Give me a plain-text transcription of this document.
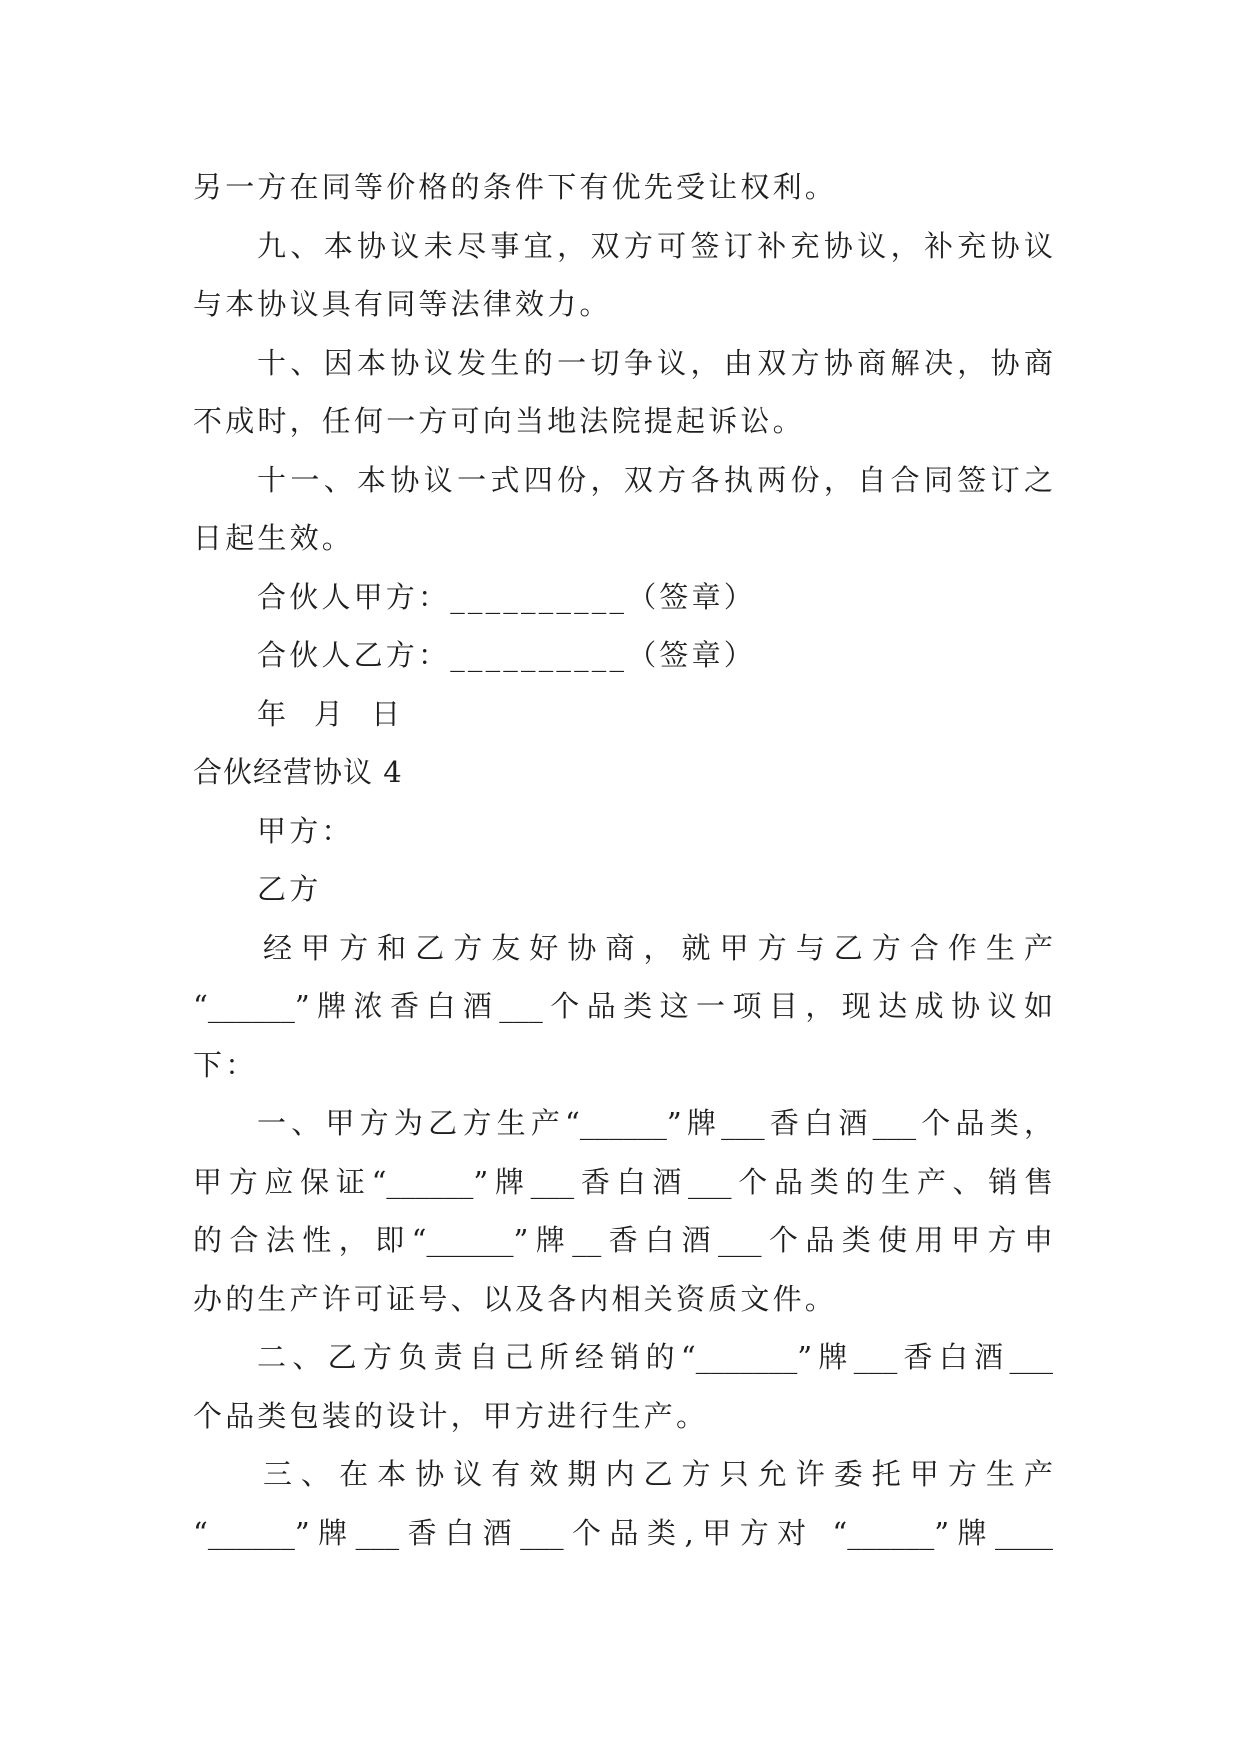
另一方在同等价格的条件下有优先受让权利。
九、本协议未尽事宜，双方可签订补充协议，补充协议
与本协议具有同等法律效力。
十、因本协议发生的一切争议，由双方协商解决，协商
不成时，任何一方可向当地法院提起诉讼。
十一、本协议一式四份，双方各执两份，自合同签订之
日起生效。
合伙人甲方：__________（签章）
合伙人乙方：__________（签章）
年  月  日
合伙经营协议 4
甲方：
乙方
经甲方和乙方友好协商，就甲方与乙方合作生产
“______”牌浓香白酒___个品类这一项目，现达成协议如
下：
一、甲方为乙方生产“______”牌___香白酒___个品类，
甲方应保证“______”牌___香白酒___个品类的生产、销售
的合法性，即“______”牌__香白酒___个品类使用甲方申
办的生产许可证号、以及各内相关资质文件。
二、乙方负责自己所经销的“_______”牌___香白酒___
个品类包装的设计，甲方进行生产。
三、在本协议有效期内乙方只允许委托甲方生产
“______”牌___香白酒___个品类,甲方对 “______”牌____
